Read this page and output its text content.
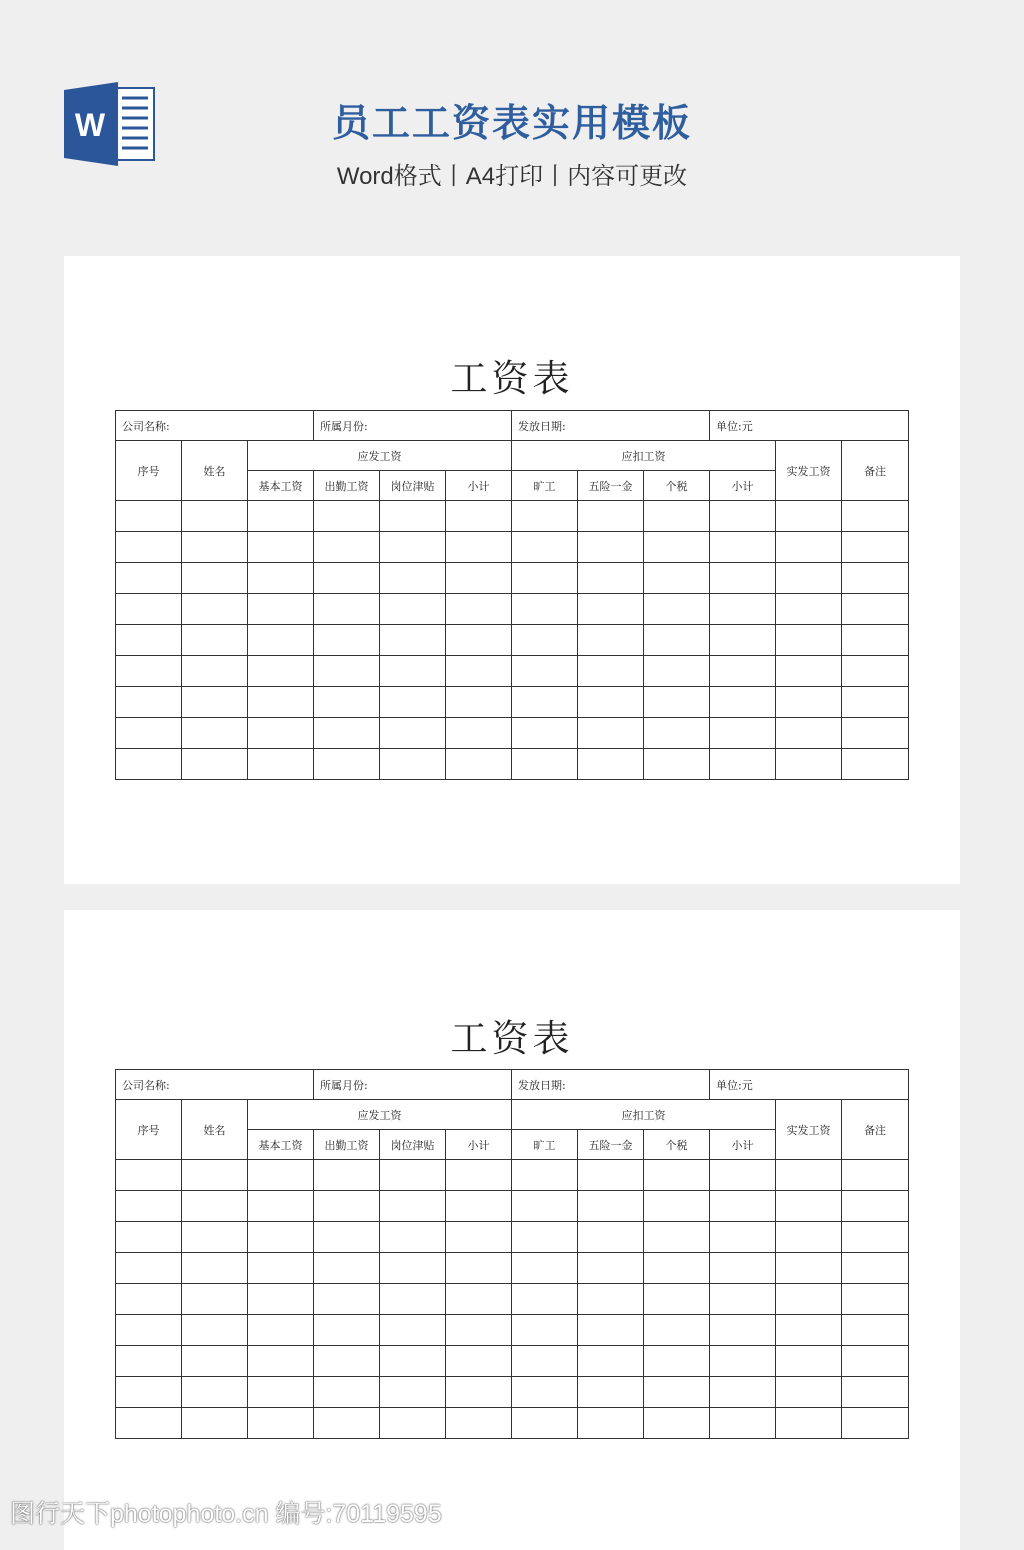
W	员工工资表实用模板
Word格式丨A4打印丨内容可更改
工资表
公司名称:			所属月份:			发放日期:			单位:元		
序号	姓名	应发工资				应扣工资				实发工资	备注
		基本工资	出勤工资	岗位津贴	小计	旷工	五险一金	个税	小计		

工资表
公司名称:			所属月份:			发放日期:			单位:元		
序号	姓名	应发工资				应扣工资				实发工资	备注
		基本工资	出勤工资	岗位津贴	小计	旷工	五险一金	个税	小计		

图行天下photophoto.cn 编号:70119595
